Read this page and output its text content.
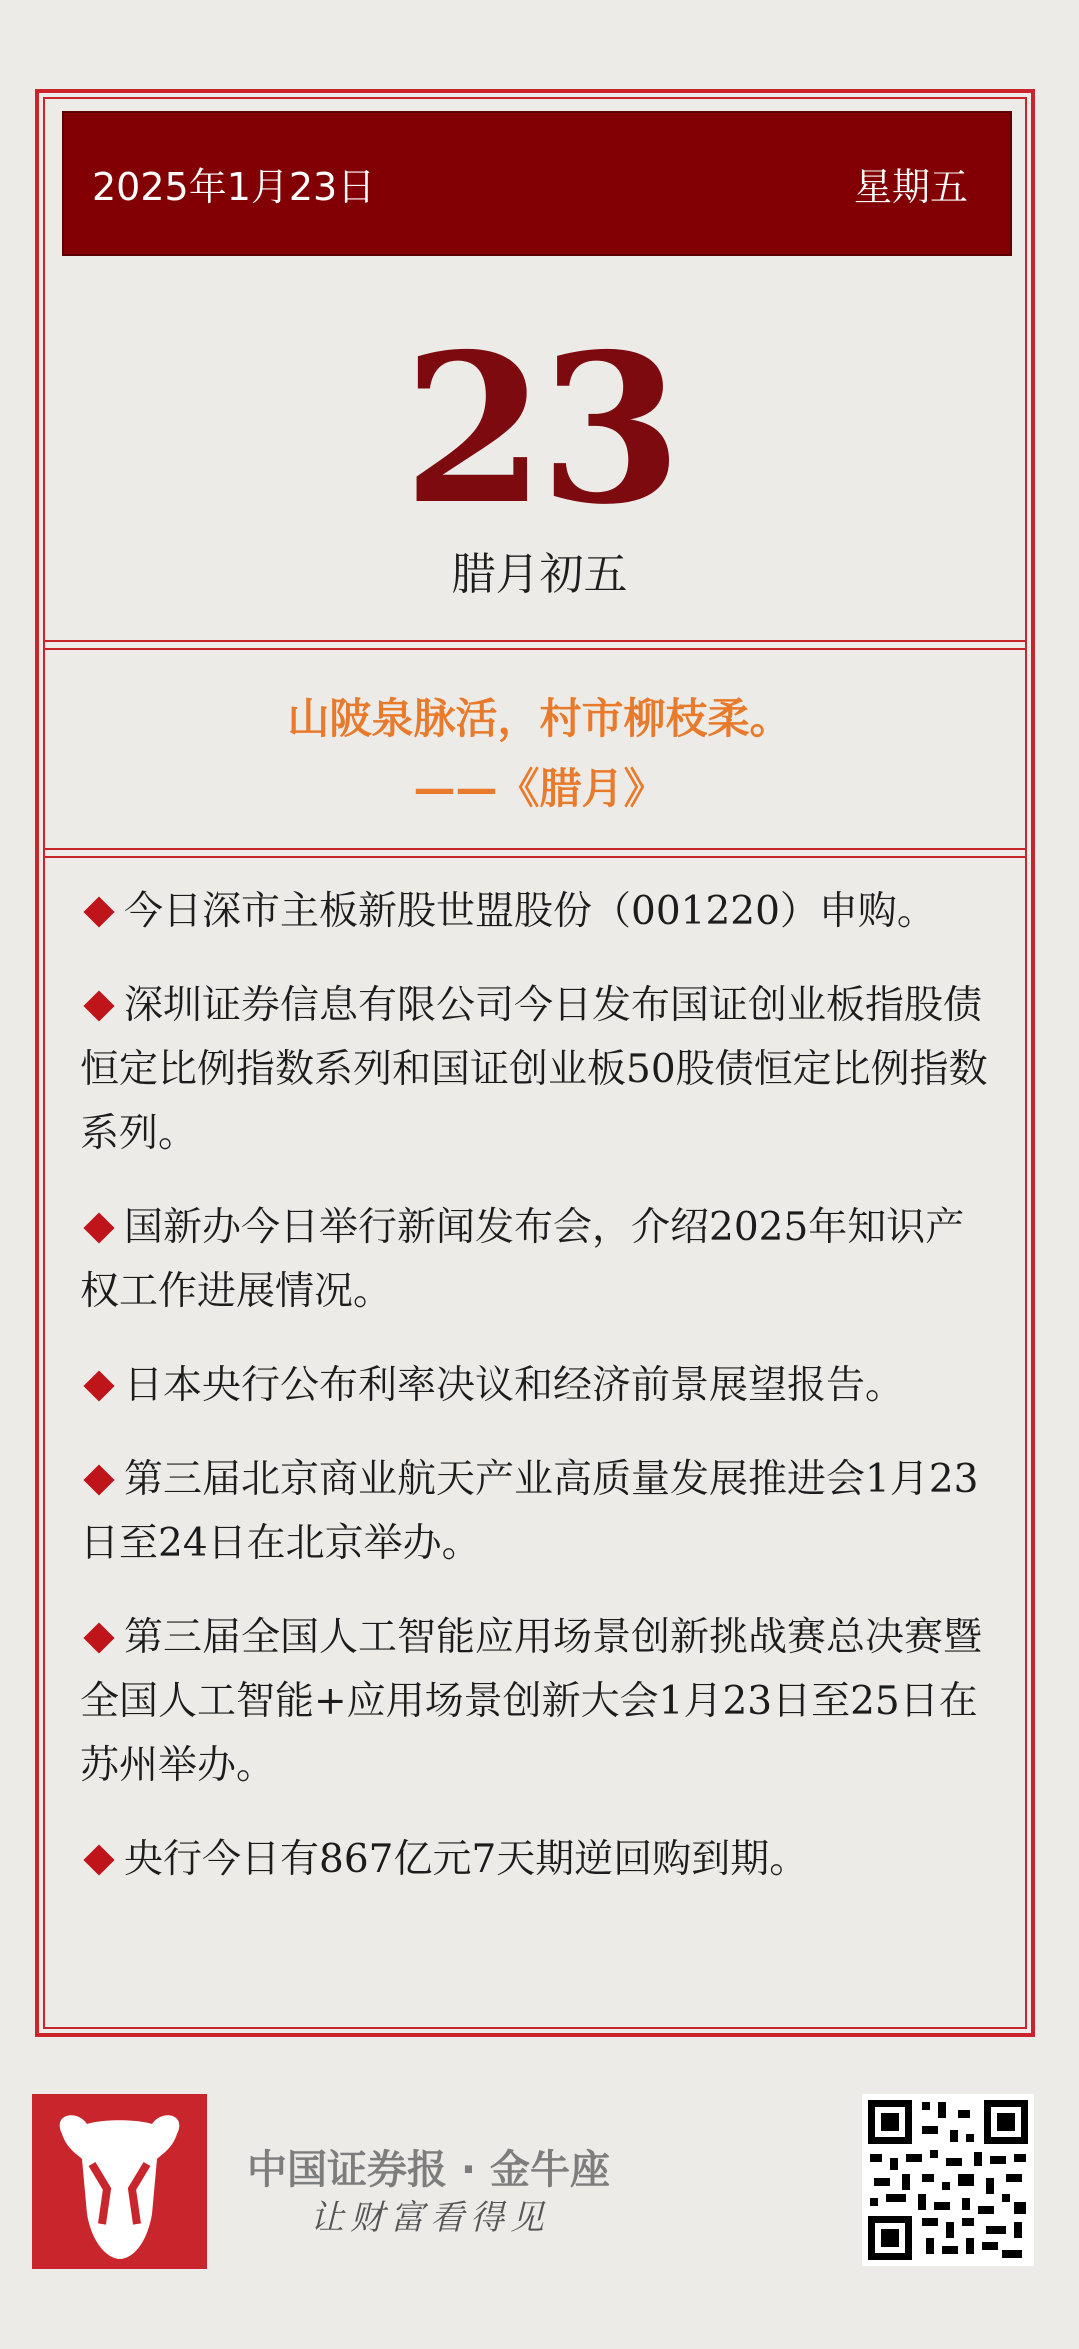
2025年1月23日	星期五
23
腊月初五
山陂泉脉活，村市柳枝柔。
——《腊月》
今日深市主板新股世盟股份（001220）申购。
深圳证券信息有限公司今日发布国证创业板指股债恒定比例指数系列和国证创业板50股债恒定比例指数系列。
国新办今日举行新闻发布会，介绍2025年知识产权工作进展情况。
日本央行公布利率决议和经济前景展望报告。
第三届北京商业航天产业高质量发展推进会1月23日至24日在北京举办。
第三届全国人工智能应用场景创新挑战赛总决赛暨全国人工智能+应用场景创新大会1月23日至25日在苏州举办。
央行今日有867亿元7天期逆回购到期。
中国证券报 · 金牛座
让财富看得见
